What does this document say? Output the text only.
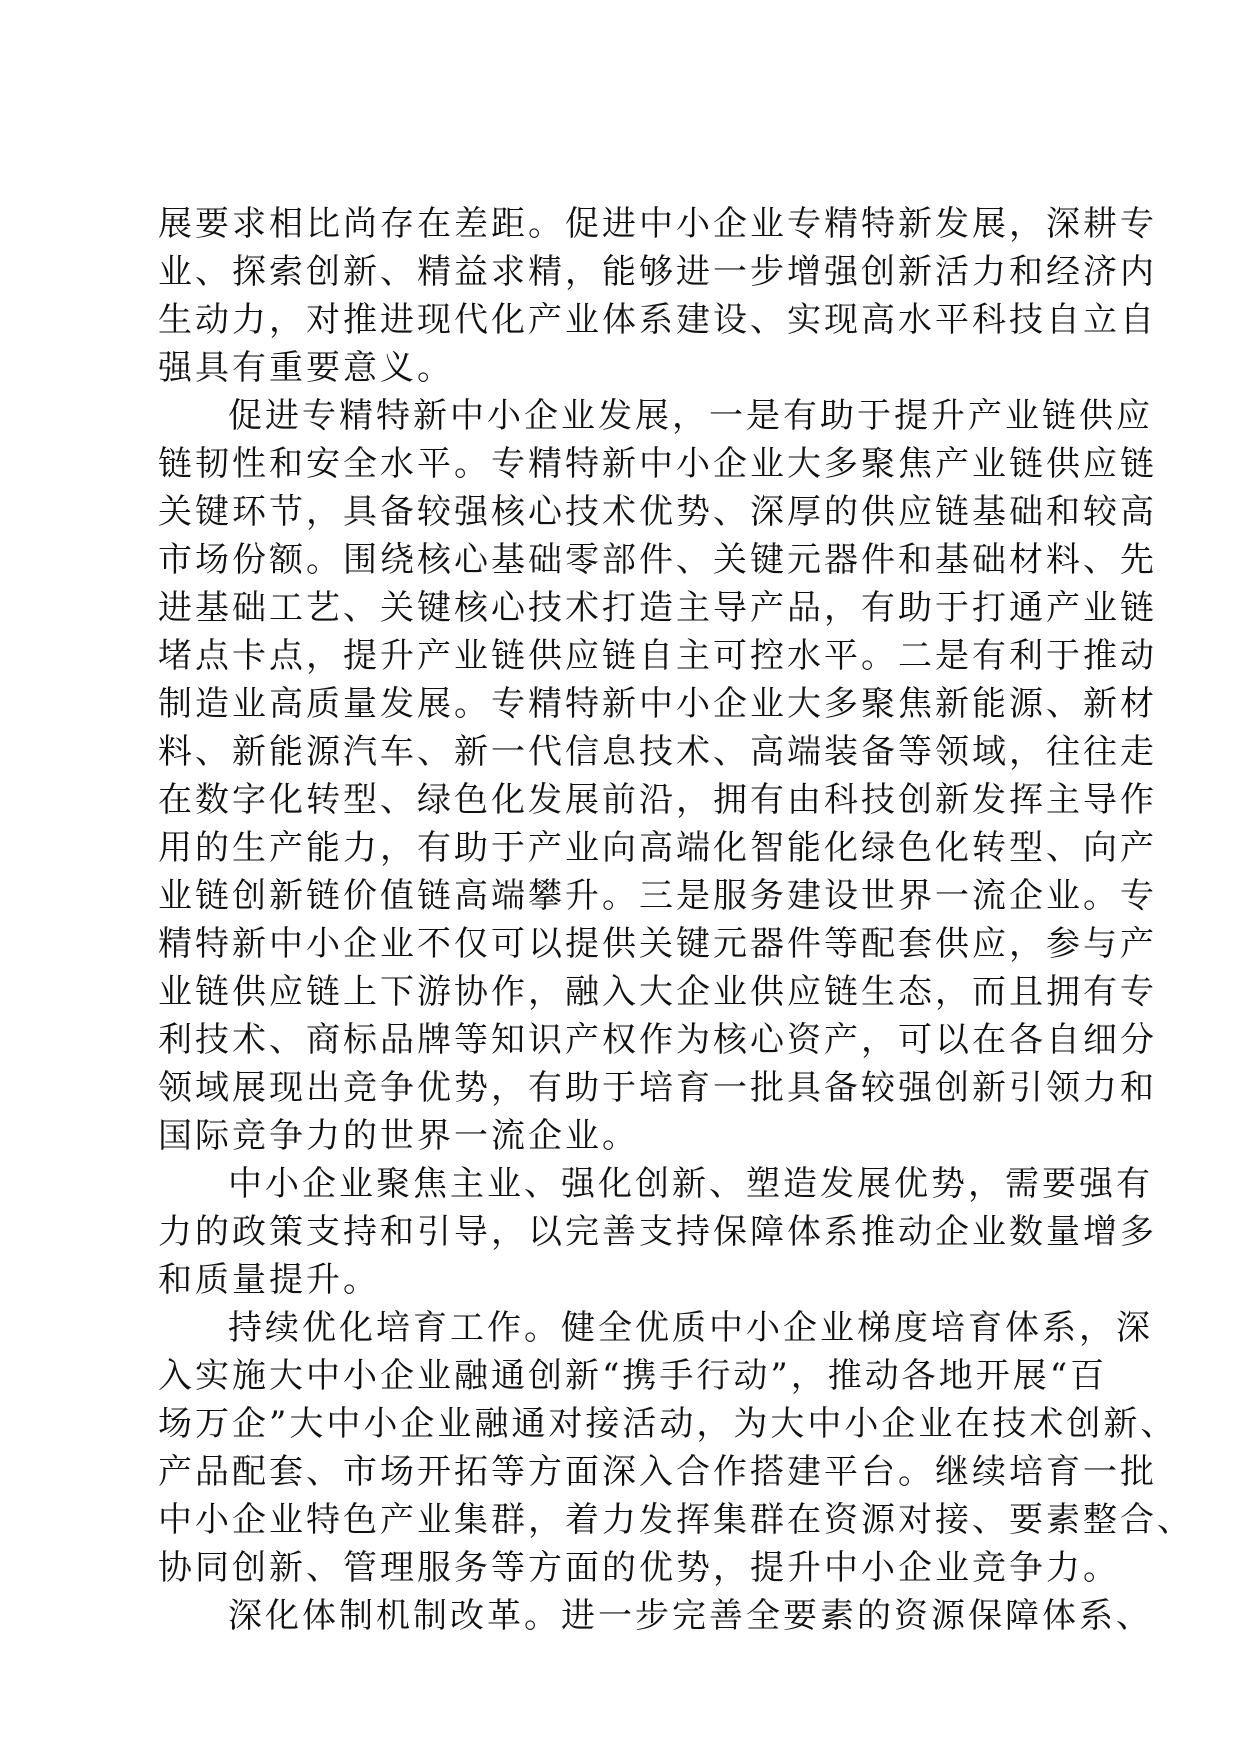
展要求相比尚存在差距。促进中小企业专精特新发展，深耕专
业、探索创新、精益求精，能够进一步增强创新活力和经济内
生动力，对推进现代化产业体系建设、实现高水平科技自立自
强具有重要意义。
促进专精特新中小企业发展，一是有助于提升产业链供应
链韧性和安全水平。专精特新中小企业大多聚焦产业链供应链
关键环节，具备较强核心技术优势、深厚的供应链基础和较高
市场份额。围绕核心基础零部件、关键元器件和基础材料、先
进基础工艺、关键核心技术打造主导产品，有助于打通产业链
堵点卡点，提升产业链供应链自主可控水平。二是有利于推动
制造业高质量发展。专精特新中小企业大多聚焦新能源、新材
料、新能源汽车、新一代信息技术、高端装备等领域，往往走
在数字化转型、绿色化发展前沿，拥有由科技创新发挥主导作
用的生产能力，有助于产业向高端化智能化绿色化转型、向产
业链创新链价值链高端攀升。三是服务建设世界一流企业。专
精特新中小企业不仅可以提供关键元器件等配套供应，参与产
业链供应链上下游协作，融入大企业供应链生态，而且拥有专
利技术、商标品牌等知识产权作为核心资产，可以在各自细分
领域展现出竞争优势，有助于培育一批具备较强创新引领力和
国际竞争力的世界一流企业。
中小企业聚焦主业、强化创新、塑造发展优势，需要强有
力的政策支持和引导，以完善支持保障体系推动企业数量增多
和质量提升。
持续优化培育工作。健全优质中小企业梯度培育体系，深
入实施大中小企业融通创新“携手行动”，推动各地开展“百
场万企”大中小企业融通对接活动，为大中小企业在技术创新、
产品配套、市场开拓等方面深入合作搭建平台。继续培育一批
中小企业特色产业集群，着力发挥集群在资源对接、要素整合、
协同创新、管理服务等方面的优势，提升中小企业竞争力。
深化体制机制改革。进一步完善全要素的资源保障体系、
